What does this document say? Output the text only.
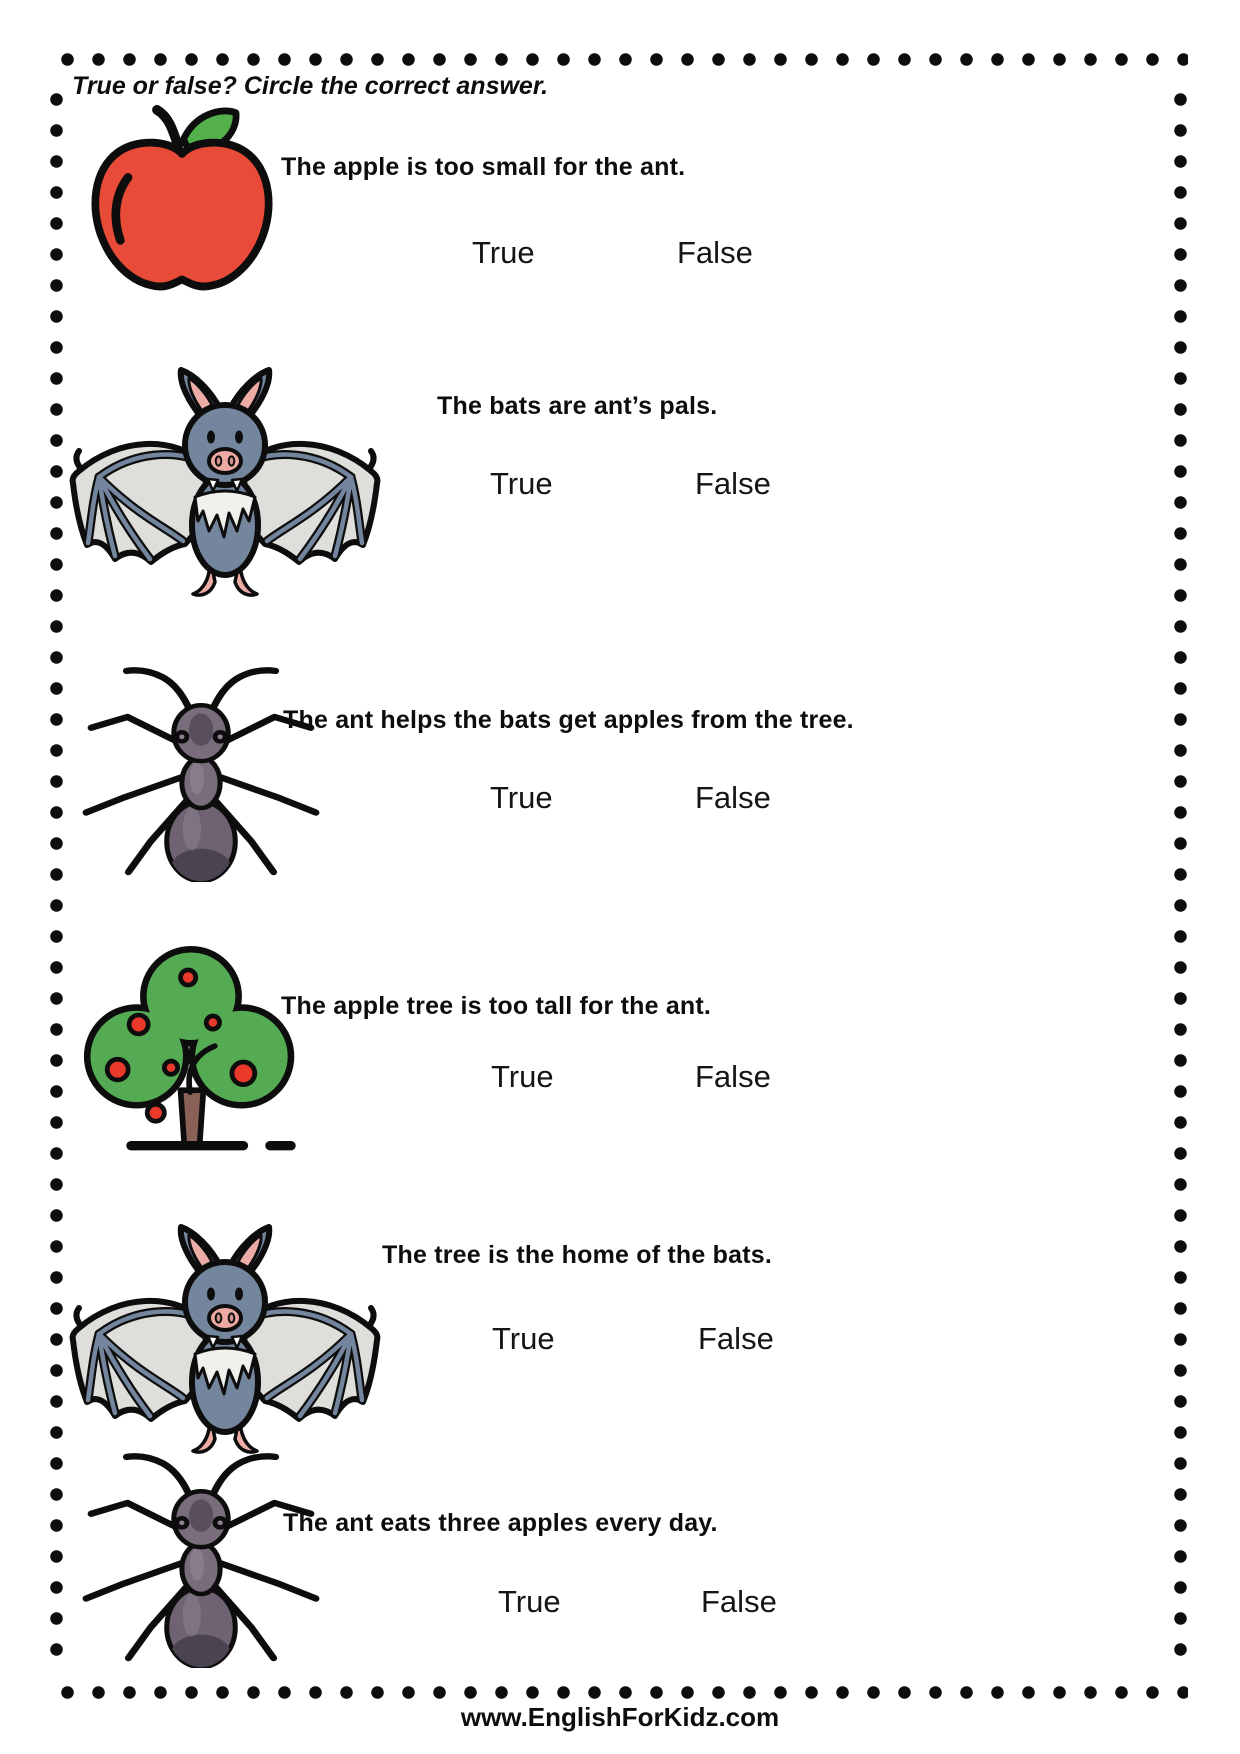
True or false? Circle the correct answer.
The apple is too small for the ant.
True	False
The bats are ant’s pals.
True	False
The ant helps the bats get apples from the tree.
True	False
The apple tree is too tall for the ant.
True	False
The tree is the home of the bats.
True	False
The ant eats three apples every day.
True	False
www.EnglishForKidz.com
